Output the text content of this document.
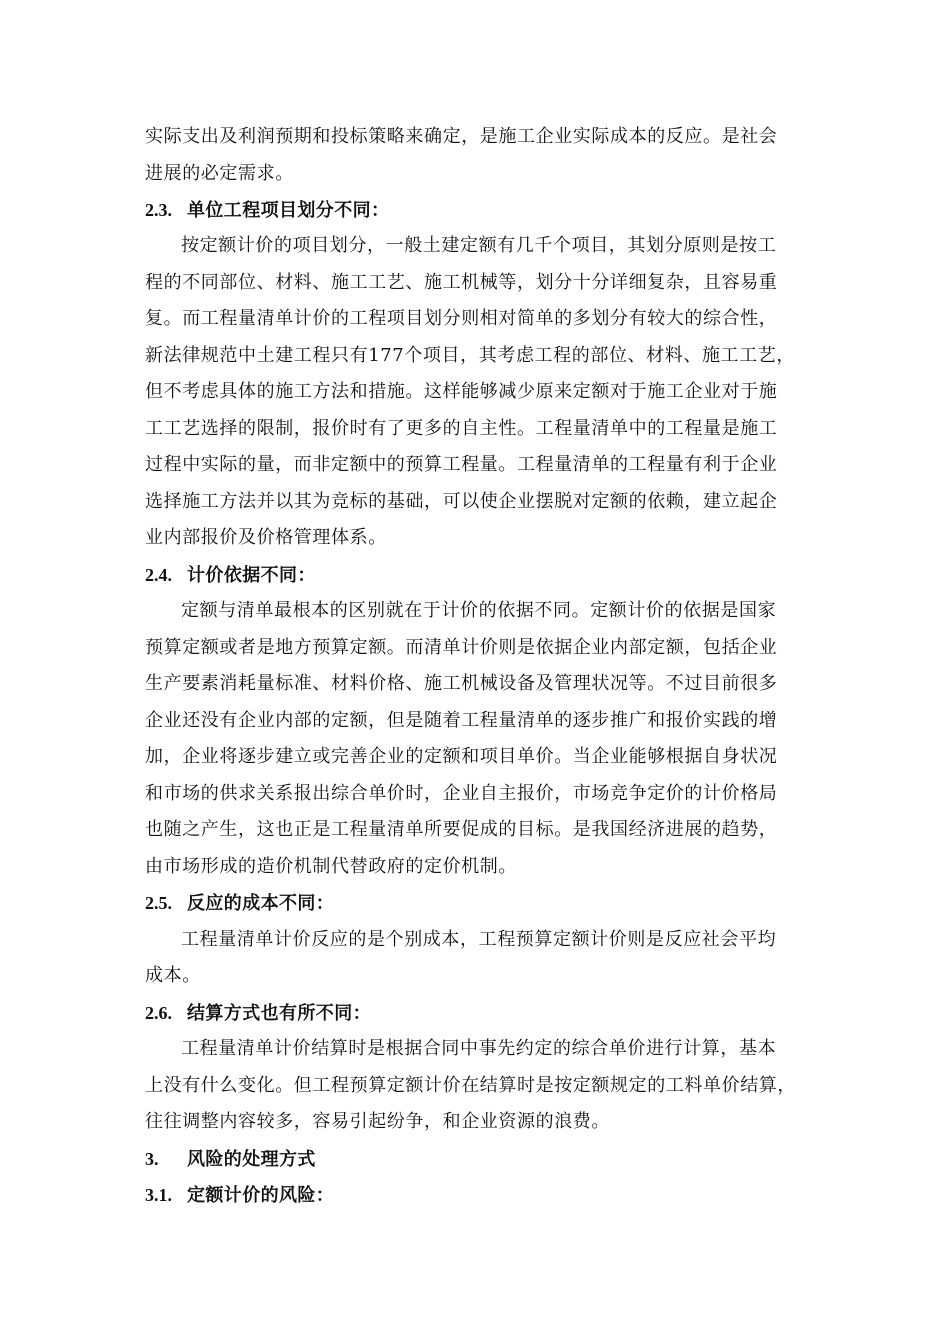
实际支出及利润预期和投标策略来确定，是施工企业实际成本的反应。是社会
进展的必定需求。
2.3. 单位工程项目划分不同：
按定额计价的项目划分，一般土建定额有几千个项目，其划分原则是按工
程的不同部位、材料、施工工艺、施工机械等，划分十分详细复杂，且容易重
复。而工程量清单计价的工程项目划分则相对简单的多划分有较大的综合性，
新法律规范中土建工程只有177个项目，其考虑工程的部位、材料、施工工艺，
但不考虑具体的施工方法和措施。这样能够减少原来定额对于施工企业对于施
工工艺选择的限制，报价时有了更多的自主性。工程量清单中的工程量是施工
过程中实际的量，而非定额中的预算工程量。工程量清单的工程量有利于企业
选择施工方法并以其为竞标的基础，可以使企业摆脱对定额的依赖，建立起企
业内部报价及价格管理体系。
2.4. 计价依据不同：
定额与清单最根本的区别就在于计价的依据不同。定额计价的依据是国家
预算定额或者是地方预算定额。而清单计价则是依据企业内部定额，包括企业
生产要素消耗量标准、材料价格、施工机械设备及管理状况等。不过目前很多
企业还没有企业内部的定额，但是随着工程量清单的逐步推广和报价实践的增
加，企业将逐步建立或完善企业的定额和项目单价。当企业能够根据自身状况
和市场的供求关系报出综合单价时，企业自主报价，市场竞争定价的计价格局
也随之产生，这也正是工程量清单所要促成的目标。是我国经济进展的趋势，
由市场形成的造价机制代替政府的定价机制。
2.5. 反应的成本不同：
工程量清单计价反应的是个别成本，工程预算定额计价则是反应社会平均
成本。
2.6. 结算方式也有所不同：
工程量清单计价结算时是根据合同中事先约定的综合单价进行计算，基本
上没有什么变化。但工程预算定额计价在结算时是按定额规定的工料单价结算，
往往调整内容较多，容易引起纷争，和企业资源的浪费。
3. 风险的处理方式
3.1. 定额计价的风险：
